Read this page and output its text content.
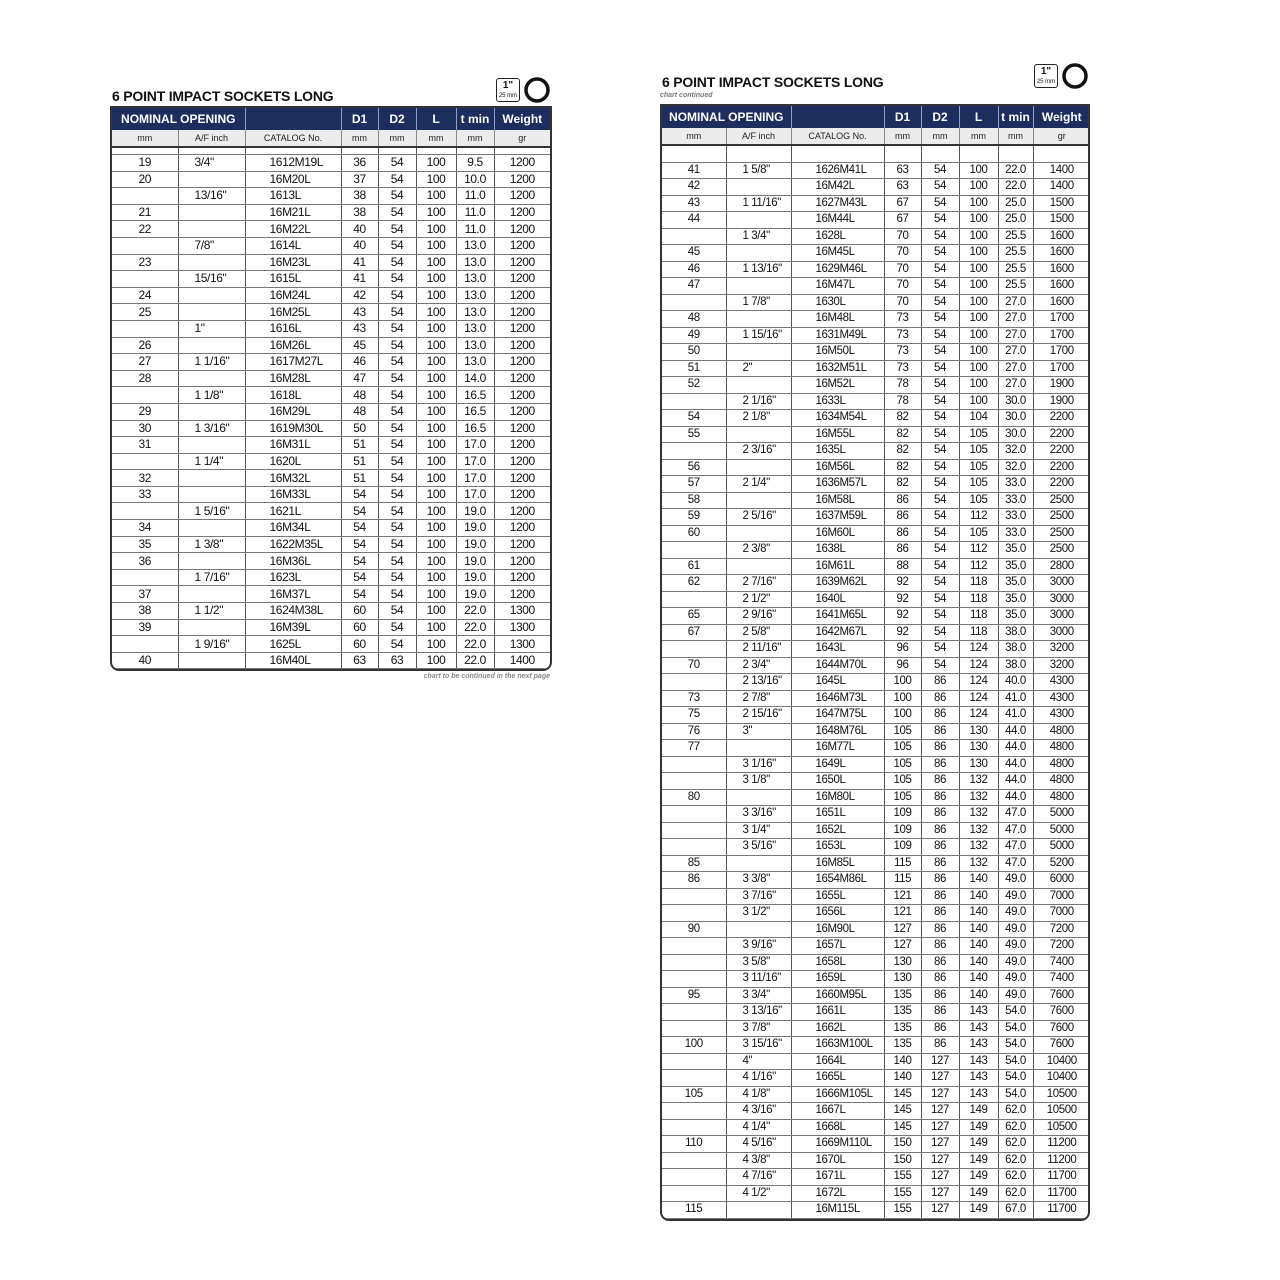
6 POINT IMPACT SOCKETS LONG
1"
25 mm
NOMINAL OPENING			D1	D2	L	t min	Weight
mm	A/F inch	CATALOG No.	mm	mm	mm	mm	gr

19	3/4"	1612M19L	36	54	100	9.5	1200
20		16M20L	37	54	100	10.0	1200
	13/16"	1613L	38	54	100	11.0	1200
21		16M21L	38	54	100	11.0	1200
22		16M22L	40	54	100	11.0	1200
	7/8"	1614L	40	54	100	13.0	1200
23		16M23L	41	54	100	13.0	1200
	15/16"	1615L	41	54	100	13.0	1200
24		16M24L	42	54	100	13.0	1200
25		16M25L	43	54	100	13.0	1200
	1"	1616L	43	54	100	13.0	1200
26		16M26L	45	54	100	13.0	1200
27	1 1/16"	1617M27L	46	54	100	13.0	1200
28		16M28L	47	54	100	14.0	1200
	1 1/8"	1618L	48	54	100	16.5	1200
29		16M29L	48	54	100	16.5	1200
30	1 3/16"	1619M30L	50	54	100	16.5	1200
31		16M31L	51	54	100	17.0	1200
	1 1/4"	1620L	51	54	100	17.0	1200
32		16M32L	51	54	100	17.0	1200
33		16M33L	54	54	100	17.0	1200
	1 5/16"	1621L	54	54	100	19.0	1200
34		16M34L	54	54	100	19.0	1200
35	1 3/8"	1622M35L	54	54	100	19.0	1200
36		16M36L	54	54	100	19.0	1200
	1 7/16"	1623L	54	54	100	19.0	1200
37		16M37L	54	54	100	19.0	1200
38	1 1/2"	1624M38L	60	54	100	22.0	1300
39		16M39L	60	54	100	22.0	1300
	1 9/16"	1625L	60	54	100	22.0	1300
40		16M40L	63	63	100	22.0	1400
chart to be continued in the next page
6 POINT IMPACT SOCKETS LONG
chart continued
1"
25 mm
NOMINAL OPENING			D1	D2	L	t min	Weight
mm	A/F inch	CATALOG No.	mm	mm	mm	mm	gr

41	1 5/8"	1626M41L	63	54	100	22.0	1400
42		16M42L	63	54	100	22.0	1400
43	1 11/16"	1627M43L	67	54	100	25.0	1500
44		16M44L	67	54	100	25.0	1500
	1 3/4"	1628L	70	54	100	25.5	1600
45		16M45L	70	54	100	25.5	1600
46	1 13/16"	1629M46L	70	54	100	25.5	1600
47		16M47L	70	54	100	25.5	1600
	1 7/8"	1630L	70	54	100	27.0	1600
48		16M48L	73	54	100	27.0	1700
49	1 15/16"	1631M49L	73	54	100	27.0	1700
50		16M50L	73	54	100	27.0	1700
51	2"	1632M51L	73	54	100	27.0	1700
52		16M52L	78	54	100	27.0	1900
	2 1/16"	1633L	78	54	100	30.0	1900
54	2 1/8"	1634M54L	82	54	104	30.0	2200
55		16M55L	82	54	105	30.0	2200
	2 3/16"	1635L	82	54	105	32.0	2200
56		16M56L	82	54	105	32.0	2200
57	2 1/4"	1636M57L	82	54	105	33.0	2200
58		16M58L	86	54	105	33.0	2500
59	2 5/16"	1637M59L	86	54	112	33.0	2500
60		16M60L	86	54	105	33.0	2500
	2 3/8"	1638L	86	54	112	35.0	2500
61		16M61L	88	54	112	35.0	2800
62	2 7/16"	1639M62L	92	54	118	35.0	3000
	2 1/2"	1640L	92	54	118	35.0	3000
65	2 9/16"	1641M65L	92	54	118	35.0	3000
67	2 5/8"	1642M67L	92	54	118	38.0	3000
	2 11/16"	1643L	96	54	124	38.0	3200
70	2 3/4"	1644M70L	96	54	124	38.0	3200
	2 13/16"	1645L	100	86	124	40.0	4300
73	2 7/8"	1646M73L	100	86	124	41.0	4300
75	2 15/16"	1647M75L	100	86	124	41.0	4300
76	3"	1648M76L	105	86	130	44.0	4800
77		16M77L	105	86	130	44.0	4800
	3 1/16"	1649L	105	86	130	44.0	4800
	3 1/8"	1650L	105	86	132	44.0	4800
80		16M80L	105	86	132	44.0	4800
	3 3/16"	1651L	109	86	132	47.0	5000
	3 1/4"	1652L	109	86	132	47.0	5000
	3 5/16"	1653L	109	86	132	47.0	5000
85		16M85L	115	86	132	47.0	5200
86	3 3/8"	1654M86L	115	86	140	49.0	6000
	3 7/16"	1655L	121	86	140	49.0	7000
	3 1/2"	1656L	121	86	140	49.0	7000
90		16M90L	127	86	140	49.0	7200
	3 9/16"	1657L	127	86	140	49.0	7200
	3 5/8"	1658L	130	86	140	49.0	7400
	3 11/16"	1659L	130	86	140	49.0	7400
95	3 3/4"	1660M95L	135	86	140	49.0	7600
	3 13/16"	1661L	135	86	143	54.0	7600
	3 7/8"	1662L	135	86	143	54.0	7600
100	3 15/16"	1663M100L	135	86	143	54.0	7600
	4"	1664L	140	127	143	54.0	10400
	4 1/16"	1665L	140	127	143	54.0	10400
105	4 1/8"	1666M105L	145	127	143	54.0	10500
	4 3/16"	1667L	145	127	149	62.0	10500
	4 1/4"	1668L	145	127	149	62.0	10500
110	4 5/16"	1669M110L	150	127	149	62.0	11200
	4 3/8"	1670L	150	127	149	62.0	11200
	4 7/16"	1671L	155	127	149	62.0	11700
	4 1/2"	1672L	155	127	149	62.0	11700
115		16M115L	155	127	149	67.0	11700
